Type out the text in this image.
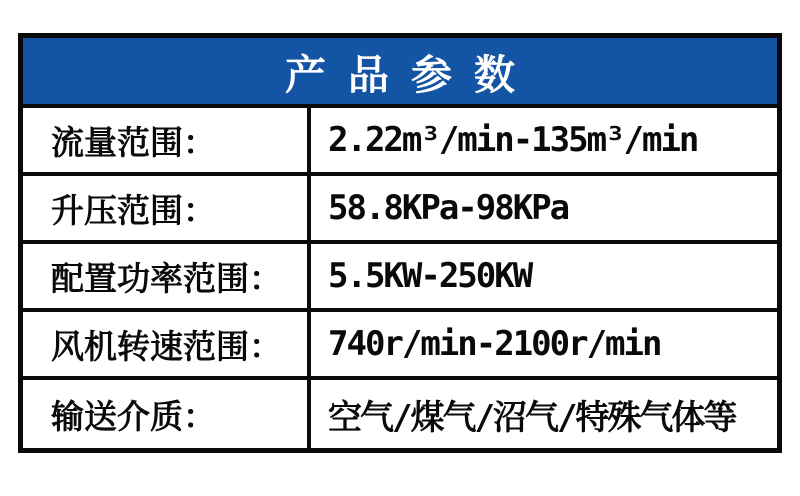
产品参数
流量范围：	2.22m³/min-135m³/min
升压范围：	58.8KPa-98KPa
配置功率范围：	5.5KW-250KW
风机转速范围：	740r/min-2100r/min
输送介质：	空气/煤气/沼气/特殊气体等
